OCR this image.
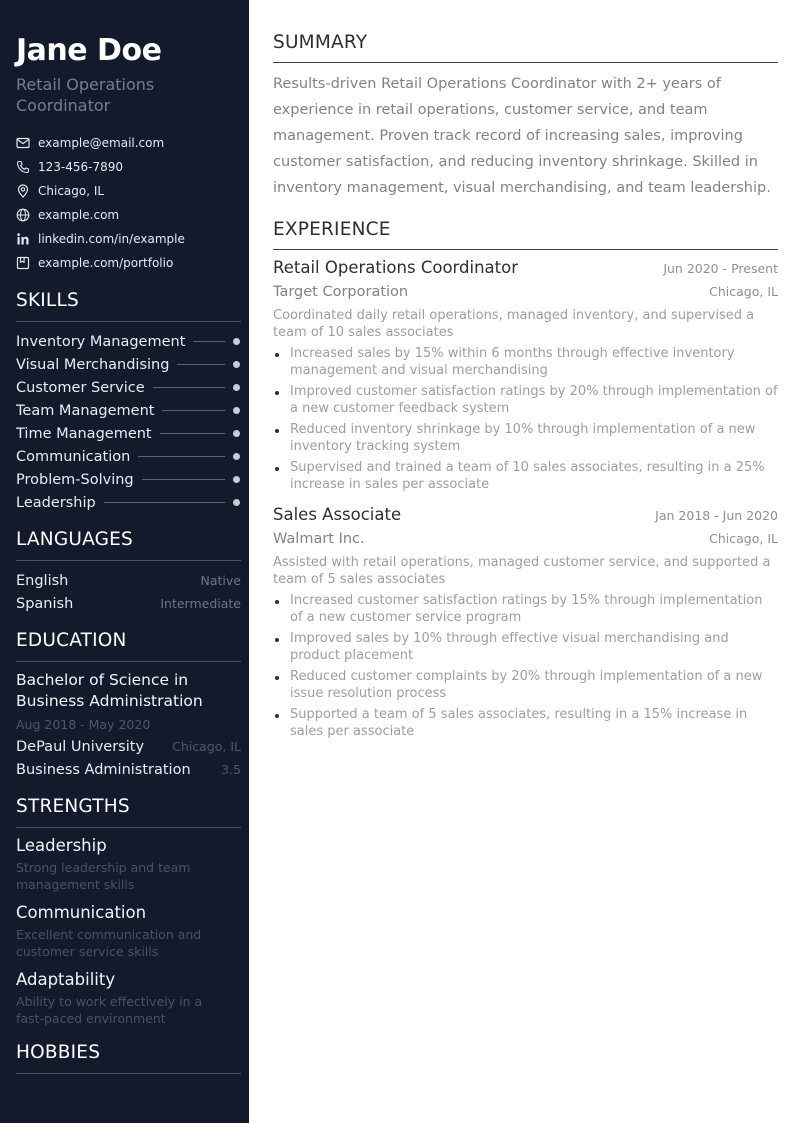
Jane Doe
Retail Operations Coordinator
example@email.com
123-456-7890
Chicago, IL
example.com
linkedin.com/in/example
example.com/portfolio
SKILLS
Inventory Management
Visual Merchandising
Customer Service
Team Management
Time Management
Communication
Problem-Solving
Leadership
LANGUAGES
English	Native
Spanish	Intermediate
EDUCATION
Bachelor of Science in Business Administration
Aug 2018 - May 2020
DePaul University Chicago, IL
Business Administration 3.5
STRENGTHS
Leadership
Strong leadership and team management skills
Communication
Excellent communication and customer service skills
Adaptability
Ability to work effectively in a fast-paced environment
HOBBIES
SUMMARY

Results-driven Retail Operations Coordinator with 2+ years of experience in retail operations, customer service, and team management. Proven track record of increasing sales, improving customer satisfaction, and reducing inventory shrinkage. Skilled in inventory management, visual merchandising, and team leadership.

EXPERIENCE
Retail Operations Coordinator	Jun 2020 - Present
Target Corporation	Chicago, IL
Coordinated daily retail operations, managed inventory, and supervised a team of 10 sales associates
Increased sales by 15% within 6 months through effective inventory management and visual merchandising
Improved customer satisfaction ratings by 20% through implementation of a new customer feedback system
Reduced inventory shrinkage by 10% through implementation of a new inventory tracking system
Supervised and trained a team of 10 sales associates, resulting in a 25% increase in sales per associate
Sales Associate	Jan 2018 - Jun 2020
Walmart Inc.	Chicago, IL
Assisted with retail operations, managed customer service, and supported a team of 5 sales associates
Increased customer satisfaction ratings by 15% through implementation of a new customer service program
Improved sales by 10% through effective visual merchandising and product placement
Reduced customer complaints by 20% through implementation of a new issue resolution process
Supported a team of 5 sales associates, resulting in a 15% increase in sales per associate
